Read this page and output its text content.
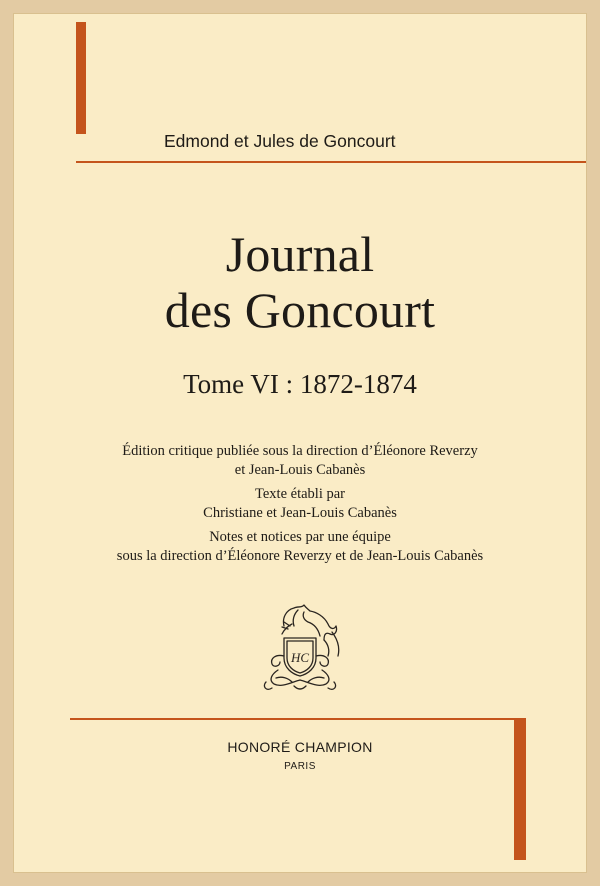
Edmond et Jules de Goncourt
Journal
des Goncourt
Tome VI : 1872-1874
Édition critique publiée sous la direction d’Éléonore Reverzy
et Jean-Louis Cabanès
Texte établi par
Christiane et Jean-Louis Cabanès
Notes et notices par une équipe
sous la direction d’Éléonore Reverzy et de Jean-Louis Cabanès
HC
HONORÉ CHAMPION
PARIS
